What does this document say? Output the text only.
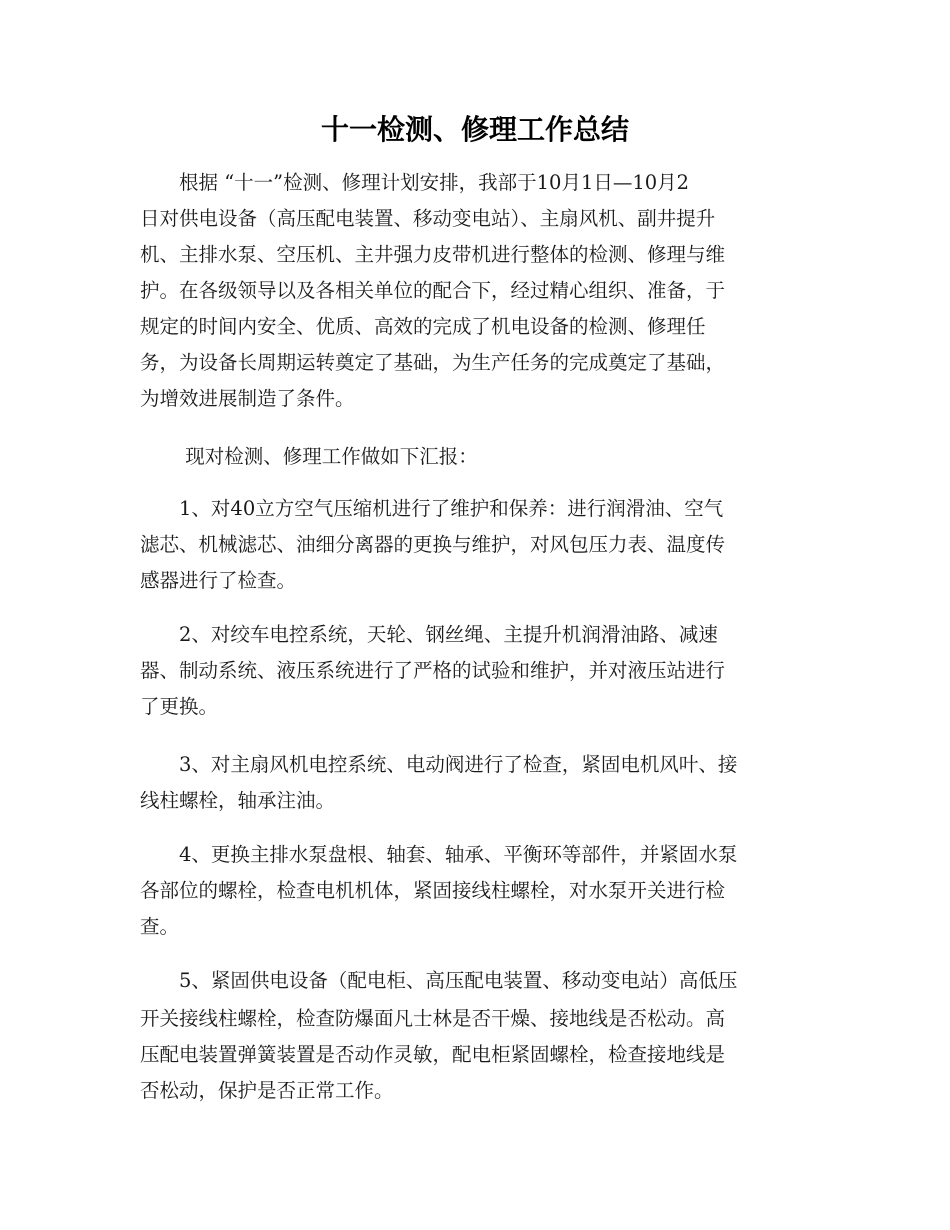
十一检测、修理工作总结

　　根据 “十一”检测、修理计划安排，我部于10月1日—10月2

日对供电设备（高压配电装置、移动变电站）、主扇风机、副井提升

机、主排水泵、空压机、主井强力皮带机进行整体的检测、修理与维

护。在各级领导以及各相关单位的配合下，经过精心组织、准备，于

规定的时间内安全、优质、高效的完成了机电设备的检测、修理任

务，为设备长周期运转奠定了基础，为生产任务的完成奠定了基础，

为增效进展制造了条件。

　　 现对检测、修理工作做如下汇报：

　　1、对40立方空气压缩机进行了维护和保养：进行润滑油、空气

滤芯、机械滤芯、油细分离器的更换与维护，对风包压力表、温度传

感器进行了检查。

　　2、对绞车电控系统，天轮、钢丝绳、主提升机润滑油路、减速

器、制动系统、液压系统进行了严格的试验和维护，并对液压站进行

了更换。

　　3、对主扇风机电控系统、电动阀进行了检查，紧固电机风叶、接

线柱螺栓，轴承注油。

　　4、更换主排水泵盘根、轴套、轴承、平衡环等部件，并紧固水泵

各部位的螺栓，检查电机机体，紧固接线柱螺栓，对水泵开关进行检

查。

　　5、紧固供电设备（配电柜、高压配电装置、移动变电站）高低压

开关接线柱螺栓，检查防爆面凡士林是否干燥、接地线是否松动。高

压配电装置弹簧装置是否动作灵敏，配电柜紧固螺栓，检查接地线是

否松动，保护是否正常工作。
